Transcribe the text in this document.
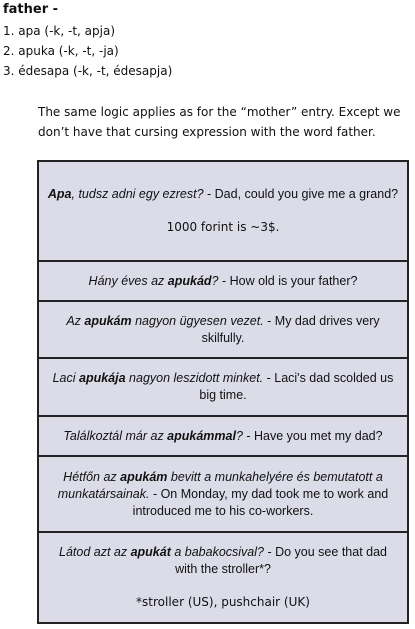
father -
1. apa (-k, -t, apja)
2. apuka (-k, -t, -ja)
3. édesapa (-k, -t, édesapja)
The same logic applies as for the “mother” entry. Except we don’t have that cursing expression with the word father.
Apa, tudsz adni egy ezrest? - Dad, could you give me a grand?
1000 forint is ~3$.
Hány éves az apukád? - How old is your father?
Az apukám nagyon ügyesen vezet. - My dad drives very skilfully.
Laci apukája nagyon leszidott minket. - Laci's dad scolded us big time.
Találkoztál már az apukámmal? - Have you met my dad?
Hétfőn az apukám bevitt a munkahelyére és bemutatott a munkatársainak. - On Monday, my dad took me to work and introduced me to his co-workers.
Látod azt az apukát a babakocsival? - Do you see that dad with the stroller*?
*stroller (US), pushchair (UK)
